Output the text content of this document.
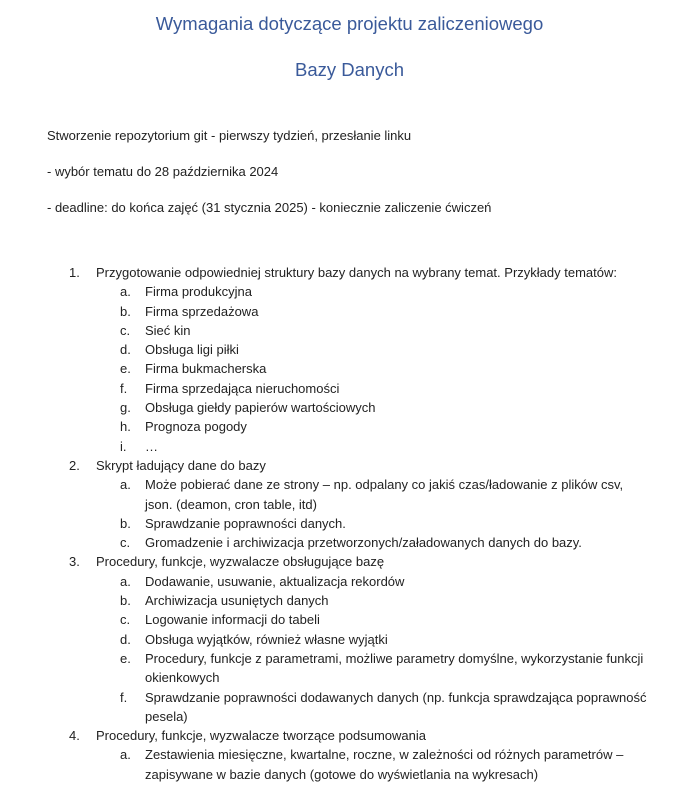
Wymagania dotyczące projektu zaliczeniowego
Bazy Danych
Stworzenie repozytorium git - pierwszy tydzień, przesłanie linku
- wybór tematu do 28 października 2024
- deadline: do końca zajęć (31 stycznia 2025) - koniecznie zaliczenie ćwiczeń
1.	Przygotowanie odpowiedniej struktury bazy danych na wybrany temat. Przykłady tematów:
a.	Firma produkcyjna
b.	Firma sprzedażowa
c.	Sieć kin
d.	Obsługa ligi piłki
e.	Firma bukmacherska
f.	Firma sprzedająca nieruchomości
g.	Obsługa giełdy papierów wartościowych
h.	Prognoza pogody
i.	…
2.	Skrypt ładujący dane do bazy
a.	Może pobierać dane ze strony – np. odpalany co jakiś czas/ładowanie z plików csv, json. (deamon, cron table, itd)
b.	Sprawdzanie poprawności danych.
c.	Gromadzenie i archiwizacja przetworzonych/załadowanych danych do bazy.
3.	Procedury, funkcje, wyzwalacze obsługujące bazę
a.	Dodawanie, usuwanie, aktualizacja rekordów
b.	Archiwizacja usuniętych danych
c.	Logowanie informacji do tabeli
d.	Obsługa wyjątków, również własne wyjątki
e.	Procedury, funkcje z parametrami, możliwe parametry domyślne, wykorzystanie funkcji okienkowych
f.	Sprawdzanie poprawności dodawanych danych (np. funkcja sprawdzająca poprawność pesela)
4.	Procedury, funkcje, wyzwalacze tworzące podsumowania
a.	Zestawienia miesięczne, kwartalne, roczne, w zależności od różnych parametrów – zapisywane w bazie danych (gotowe do wyświetlania na wykresach)
